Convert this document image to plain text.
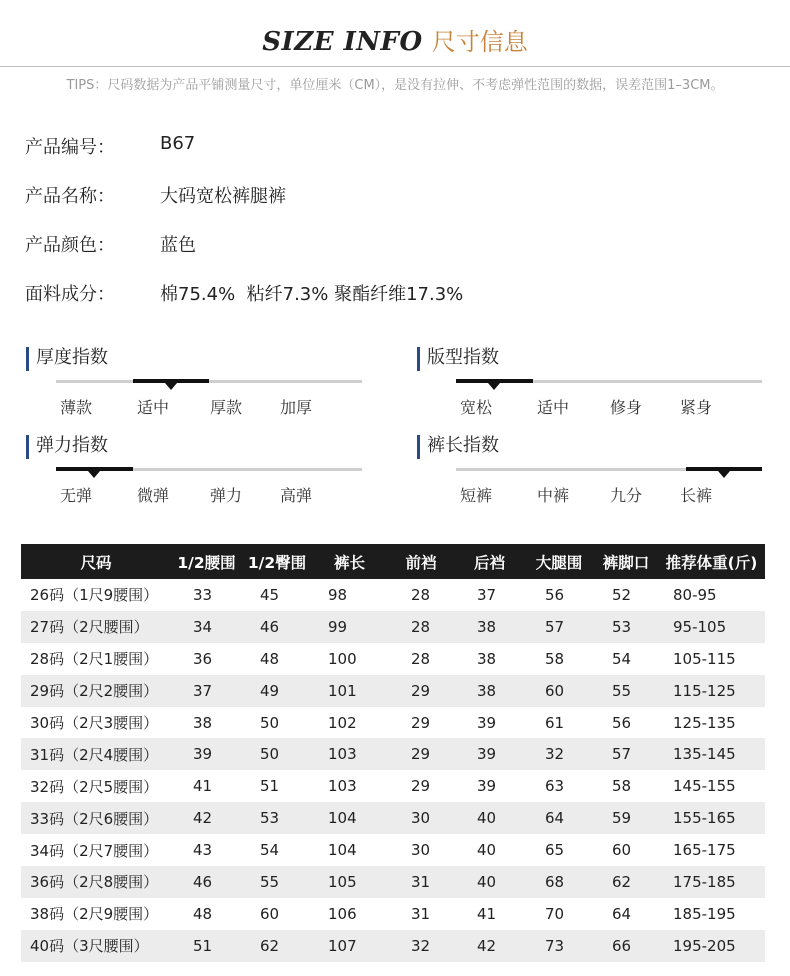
SIZE INFO 尺寸信息
TIPS：尺码数据为产品平铺测量尺寸，单位厘米（CM），是没有拉伸、不考虑弹性范围的数据，误差范围1–3CM。
产品编号：	B67
产品名称：	大码宽松裤腿裤
产品颜色：	蓝色
面料成分：	棉75.4%  粘纤7.3% 聚酯纤维17.3%
厚度指数
薄款	适中	厚款	加厚
版型指数
宽松	适中	修身	紧身
弹力指数
无弹	微弹	弹力	高弹
裤长指数
短裤	中裤	九分	长裤
尺码	1/2腰围	1/2臀围	裤长	前裆	后裆	大腿围	裤脚口	推荐体重(斤)
26码（1尺9腰围）	33	45	98	28	37	56	52	80-95
27码（2尺腰围）	34	46	99	28	38	57	53	95-105
28码（2尺1腰围）	36	48	100	28	38	58	54	105-115
29码（2尺2腰围）	37	49	101	29	38	60	55	115-125
30码（2尺3腰围）	38	50	102	29	39	61	56	125-135
31码（2尺4腰围）	39	50	103	29	39	32	57	135-145
32码（2尺5腰围）	41	51	103	29	39	63	58	145-155
33码（2尺6腰围）	42	53	104	30	40	64	59	155-165
34码（2尺7腰围）	43	54	104	30	40	65	60	165-175
36码（2尺8腰围）	46	55	105	31	40	68	62	175-185
38码（2尺9腰围）	48	60	106	31	41	70	64	185-195
40码（3尺腰围）	51	62	107	32	42	73	66	195-205
